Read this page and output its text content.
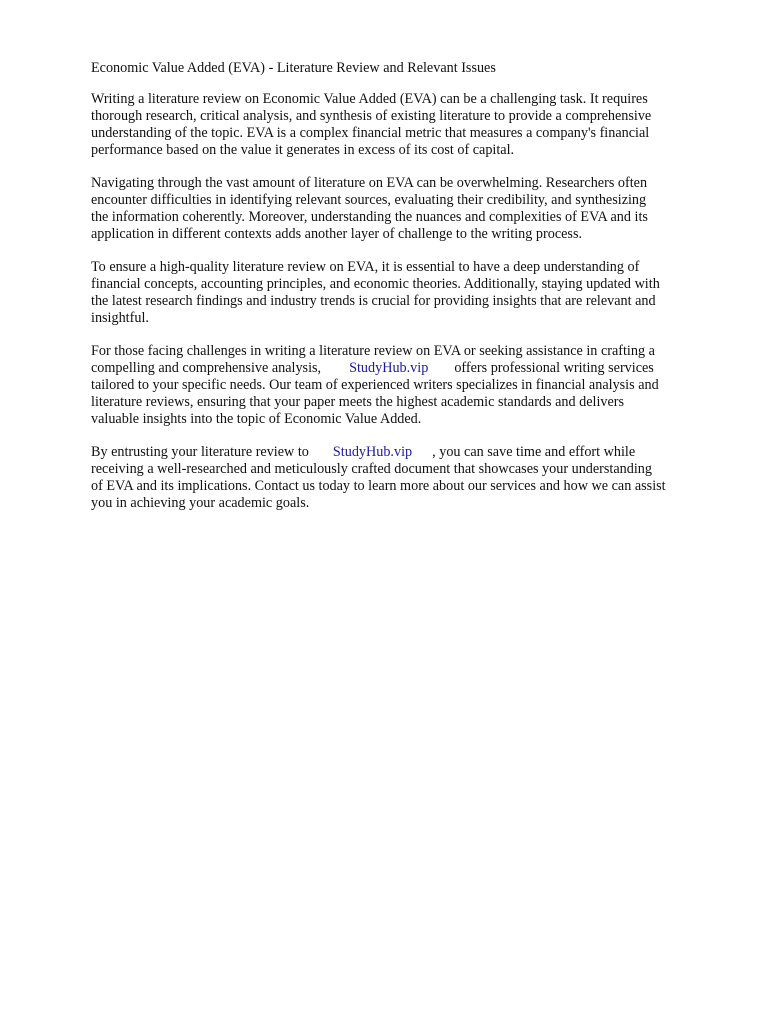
Economic Value Added (EVA) - Literature Review and Relevant Issues
Writing a literature review on Economic Value Added (EVA) can be a challenging task. It requires
thorough research, critical analysis, and synthesis of existing literature to provide a comprehensive
understanding of the topic. EVA is a complex financial metric that measures a company's financial
performance based on the value it generates in excess of its cost of capital.
Navigating through the vast amount of literature on EVA can be overwhelming. Researchers often
encounter difficulties in identifying relevant sources, evaluating their credibility, and synthesizing
the information coherently. Moreover, understanding the nuances and complexities of EVA and its
application in different contexts adds another layer of challenge to the writing process.
To ensure a high-quality literature review on EVA, it is essential to have a deep understanding of
financial concepts, accounting principles, and economic theories. Additionally, staying updated with
the latest research findings and industry trends is crucial for providing insights that are relevant and
insightful.
For those facing challenges in writing a literature review on EVA or seeking assistance in crafting a
compelling and comprehensive analysis, StudyHub.vip offers professional writing services
tailored to your specific needs. Our team of experienced writers specializes in financial analysis and
literature reviews, ensuring that your paper meets the highest academic standards and delivers
valuable insights into the topic of Economic Value Added.
By entrusting your literature review to StudyHub.vip , you can save time and effort while
receiving a well-researched and meticulously crafted document that showcases your understanding
of EVA and its implications. Contact us today to learn more about our services and how we can assist
you in achieving your academic goals.
